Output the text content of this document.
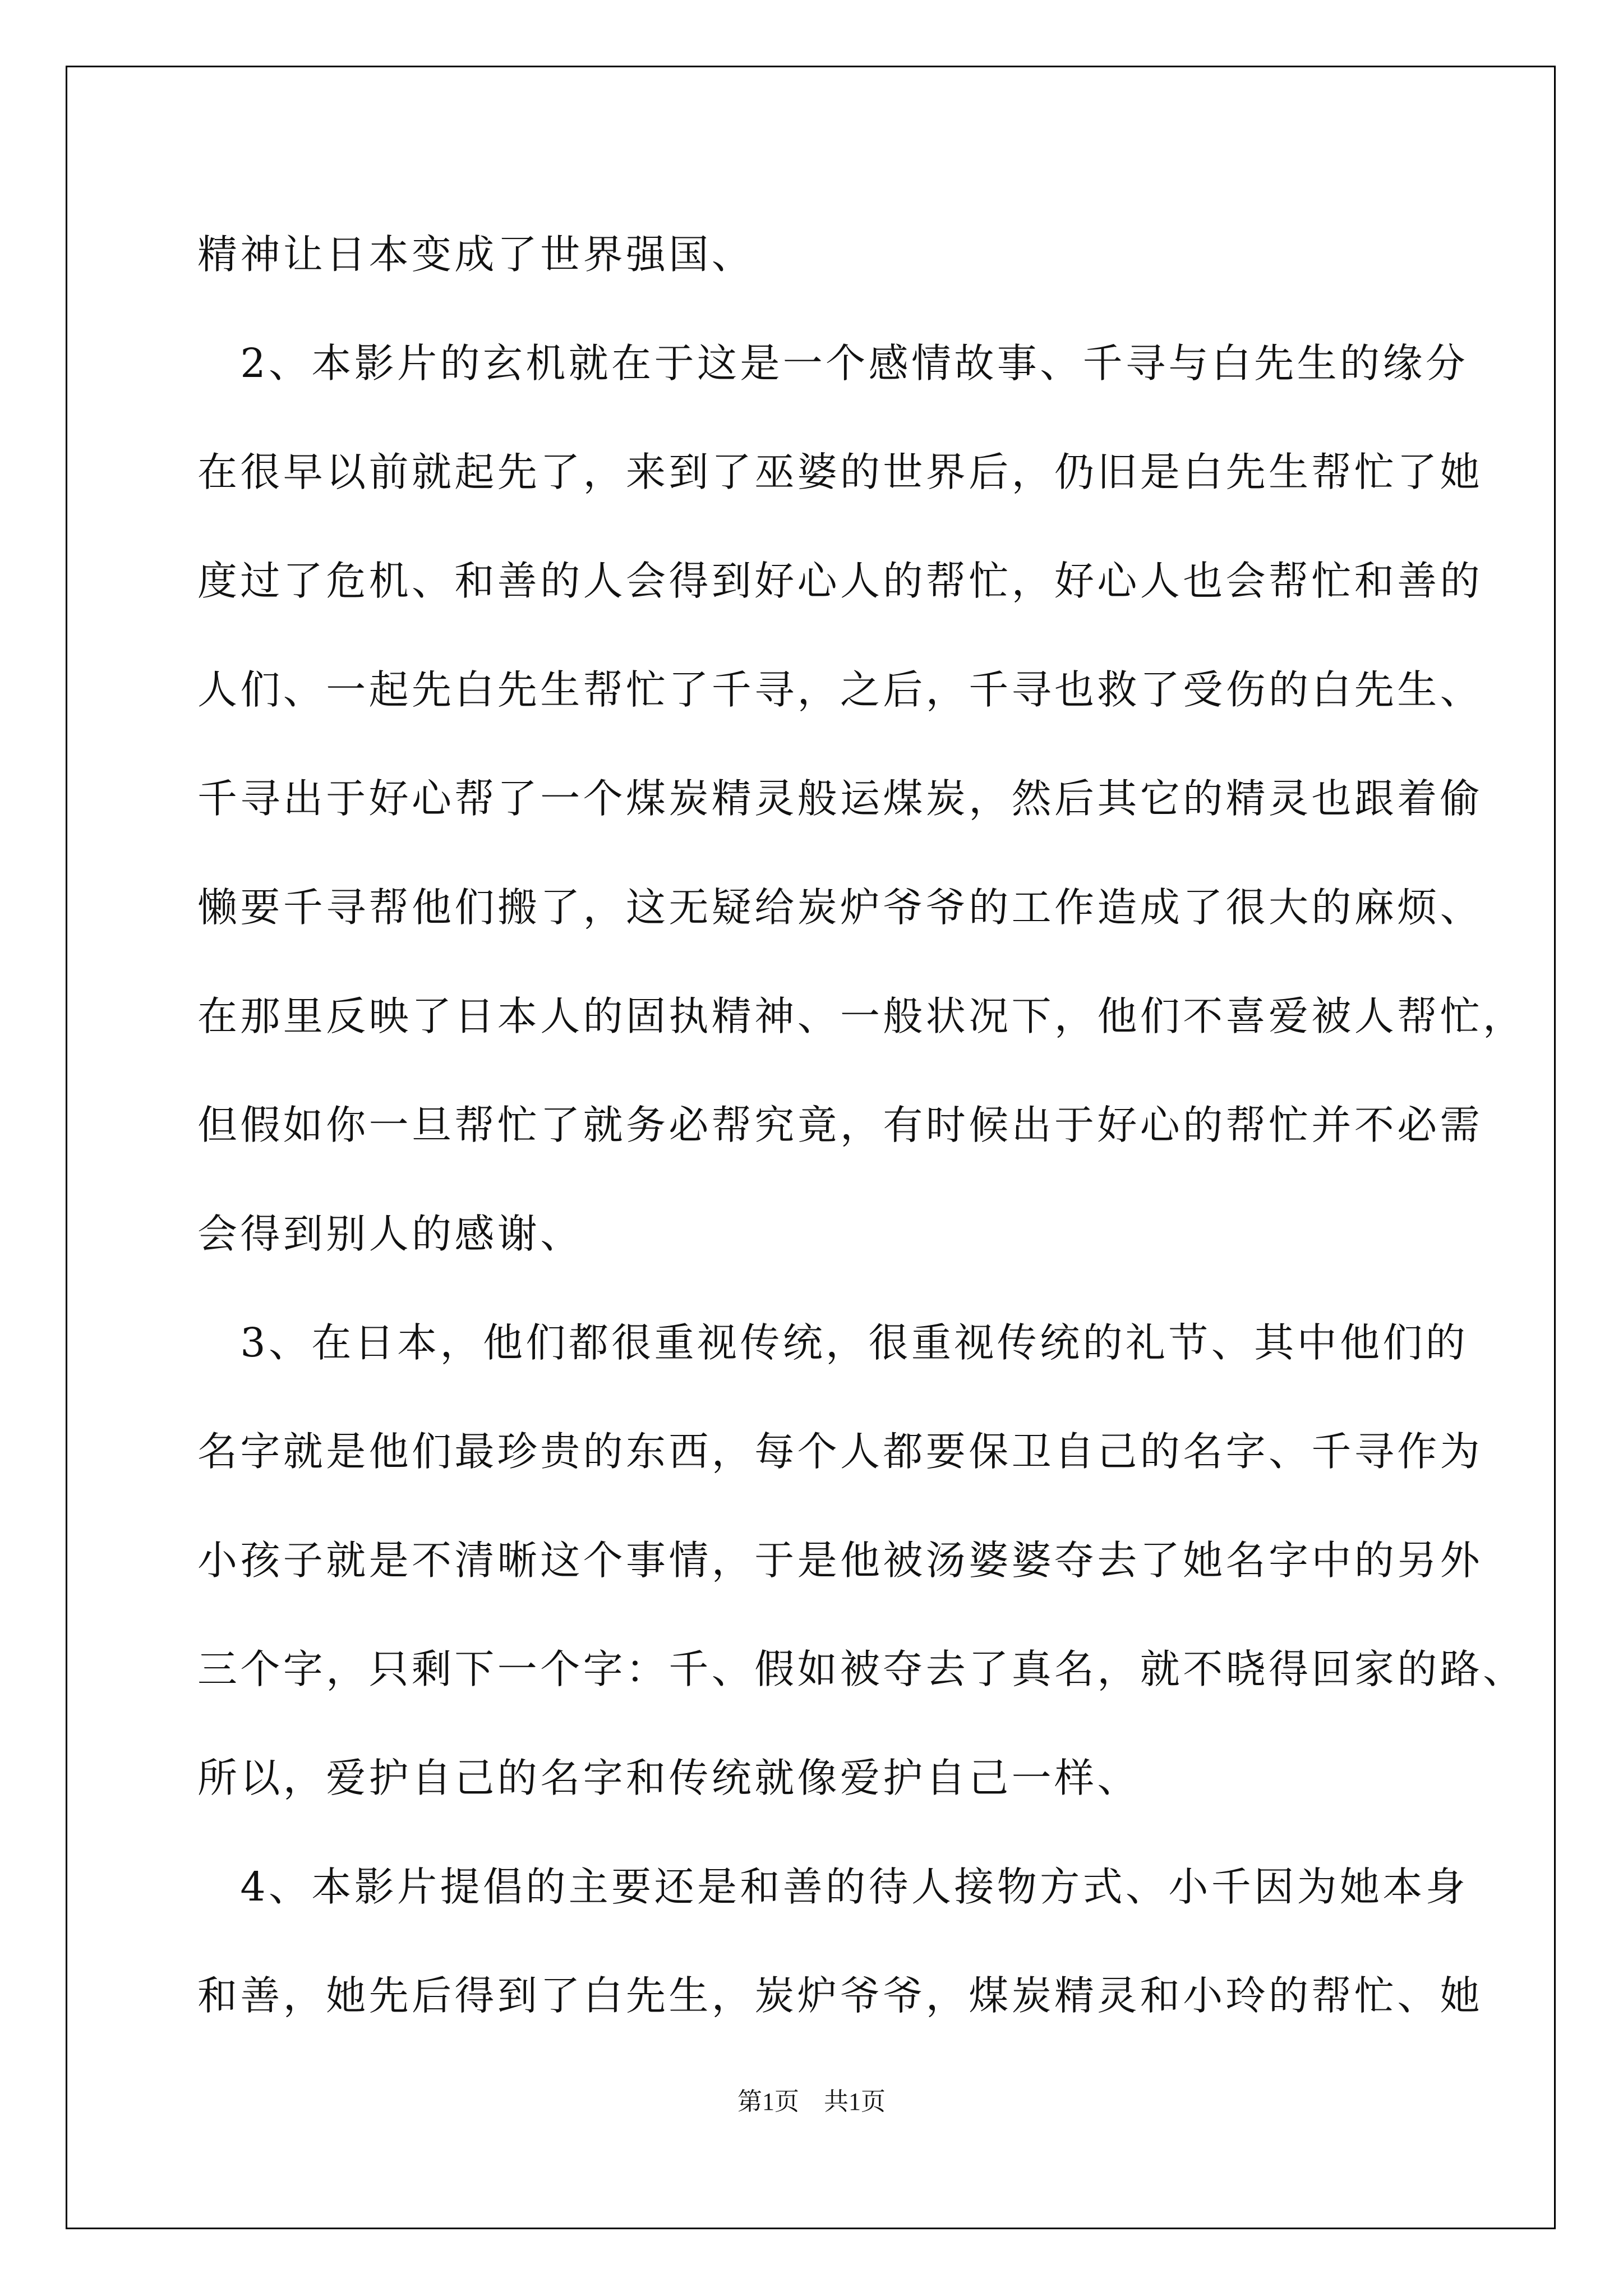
精神让日本变成了世界强国、
　2、本影片的玄机就在于这是一个感情故事、千寻与白先生的缘分
在很早以前就起先了，来到了巫婆的世界后，仍旧是白先生帮忙了她
度过了危机、和善的人会得到好心人的帮忙，好心人也会帮忙和善的
人们、一起先白先生帮忙了千寻，之后，千寻也救了受伤的白先生、
千寻出于好心帮了一个煤炭精灵般运煤炭，然后其它的精灵也跟着偷
懒要千寻帮他们搬了，这无疑给炭炉爷爷的工作造成了很大的麻烦、
在那里反映了日本人的固执精神、一般状况下，他们不喜爱被人帮忙，
但假如你一旦帮忙了就务必帮究竟，有时候出于好心的帮忙并不必需
会得到别人的感谢、
　3、在日本，他们都很重视传统，很重视传统的礼节、其中他们的
名字就是他们最珍贵的东西，每个人都要保卫自己的名字、千寻作为
小孩子就是不清晰这个事情，于是他被汤婆婆夺去了她名字中的另外
三个字，只剩下一个字：千、假如被夺去了真名，就不晓得回家的路、
所以，爱护自己的名字和传统就像爱护自己一样、
　4、本影片提倡的主要还是和善的待人接物方式、小千因为她本身
和善，她先后得到了白先生，炭炉爷爷，煤炭精灵和小玲的帮忙、她
第1页　共1页
